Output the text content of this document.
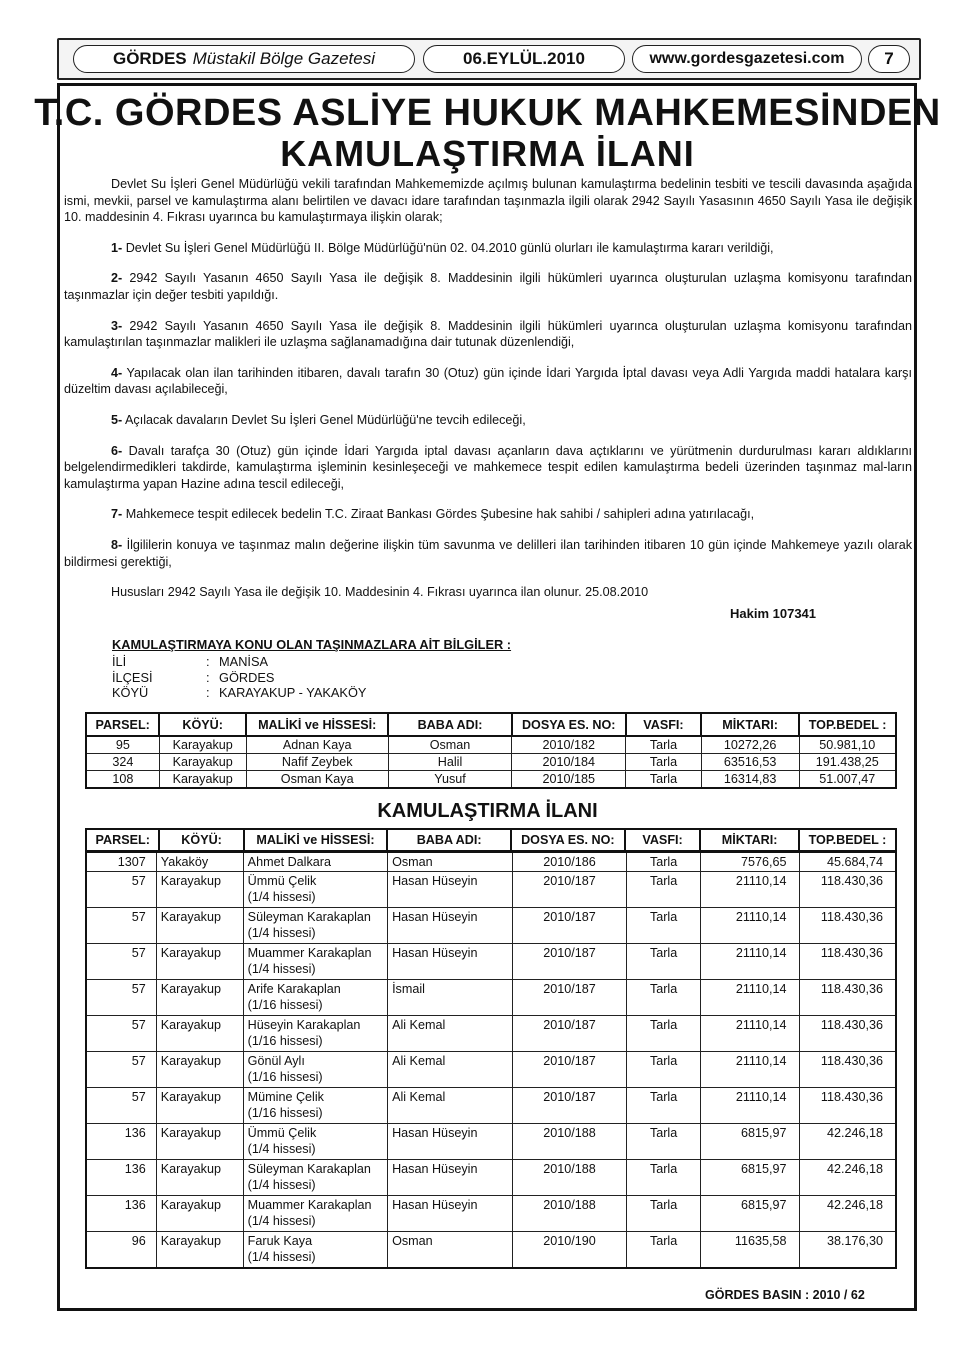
GÖRDES Müstakil Bölge Gazetesi	06.EYLÜL.2010	www.gordesgazetesi.com 7
T.C. GÖRDES ASLİYE HUKUK MAHKEMESİNDEN
KAMULAŞTIRMA İLANI

Devlet Su İşleri Genel Müdürlüğü vekili tarafından Mahkememizde açılmış bulunan kamulaştırma bedelinin tesbiti ve tescili davasında aşağıda ismi, mevkii, parsel ve kamulaştırma alanı belirtilen ve davacı idare tarafından taşınmazla ilgili olarak 2942 Sayılı Yasasının 4650 Sayılı Yasa ile değişik 10. maddesinin 4. Fıkrası uyarınca bu kamulaştırmaya ilişkin olarak;

1- Devlet Su İşleri Genel Müdürlüğü II. Bölge Müdürlüğü'nün 02. 04.2010 günlü olurları ile kamulaştırma kararı verildiği,

2- 2942 Sayılı Yasanın 4650 Sayılı Yasa ile değişik 8. Maddesinin ilgili hükümleri uyarınca oluşturulan uzlaşma komisyonu tarafından taşınmazlar için değer tesbiti yapıldığı.

3- 2942 Sayılı Yasanın 4650 Sayılı Yasa ile değişik 8. Maddesinin ilgili hükümleri uyarınca oluşturulan uzlaşma komisyonu tarafından kamulaştırılan taşınmazlar malikleri ile uzlaşma sağlanamadığına dair tutunak düzenlendiği,

4- Yapılacak olan ilan tarihinden itibaren, davalı tarafın 30 (Otuz) gün içinde İdari Yargıda İptal davası veya Adli Yargıda maddi hatalara karşı düzeltim davası açılabileceği,

5- Açılacak davaların Devlet Su İşleri Genel Müdürlüğü'ne tevcih edileceği,

6- Davalı tarafça 30 (Otuz) gün içinde İdari Yargıda iptal davası açanların dava açtıklarını ve yürütmenin durdurulması kararı aldıklarını belgelendirmedikleri takdirde, kamulaştırma işleminin kesinleşeceği ve mahkemece tespit edilen kamulaştırma bedeli üzerinden taşınmaz mal-ların kamulaştırma yapan Hazine adına tescil edileceği,

7- Mahkemece tespit edilecek bedelin T.C. Ziraat Bankası Gördes Şubesine hak sahibi / sahipleri adına yatırılacağı,

8- İlgililerin konuya ve taşınmaz malın değerine ilişkin tüm savunma ve delilleri ilan tarihinden itibaren 10 gün içinde Mahkemeye yazılı olarak bildirmesi gerektiği,

Hususları 2942 Sayılı Yasa ile değişik 10. Maddesinin 4. Fıkrası uyarınca ilan olunur. 25.08.2010

Hakim 107341
KAMULAŞTIRMAYA KONU OLAN TAŞINMAZLARA AİT BİLGİLER :
İLİ	: MANİSA
İLÇESİ	: GÖRDES
KÖYÜ	: KARAYAKUP - YAKAKÖY
PARSEL:	KÖYÜ:	MALİKİ ve HİSSESİ:	BABA ADI:	DOSYA ES. NO:	VASFI:	MİKTARI:	TOP.BEDEL :
95	Karayakup	Adnan Kaya	Osman	2010/182	Tarla	10272,26	50.981,10
324	Karayakup	Nafif Zeybek	Halil	2010/184	Tarla	63516,53	191.438,25
108	Karayakup	Osman Kaya	Yusuf	2010/185	Tarla	16314,83	51.007,47
KAMULAŞTIRMA İLANI
PARSEL:	KÖYÜ:	MALİKİ ve HİSSESİ:	BABA ADI:	DOSYA ES. NO:	VASFI:	MİKTARI:	TOP.BEDEL :
1307	Yakaköy	Ahmet Dalkara	Osman	2010/186	Tarla	7576,65	45.684,74

57	Karayakup	Ümmü Çelik
(1/4 hissesi)	Hasan Hüseyin	2010/187	Tarla	21110,14	118.430,36

57	Karayakup	Süleyman Karakaplan
(1/4 hissesi)	Hasan Hüseyin	2010/187	Tarla	21110,14	118.430,36

57	Karayakup	Muammer Karakaplan
(1/4 hissesi)	Hasan Hüseyin	2010/187	Tarla	21110,14	118.430,36

57	Karayakup	Arife Karakaplan
(1/16 hissesi)	İsmail	2010/187	Tarla	21110,14	118.430,36

57	Karayakup	Hüseyin Karakaplan
(1/16 hissesi)	Ali Kemal	2010/187	Tarla	21110,14	118.430,36

57	Karayakup	Gönül Aylı
(1/16 hissesi)	Ali Kemal	2010/187	Tarla	21110,14	118.430,36

57	Karayakup	Mümine Çelik
(1/16 hissesi)	Ali Kemal	2010/187	Tarla	21110,14	118.430,36

136	Karayakup	Ümmü Çelik
(1/4 hissesi)	Hasan Hüseyin	2010/188	Tarla	6815,97	42.246,18

136	Karayakup	Süleyman Karakaplan
(1/4 hissesi)	Hasan Hüseyin	2010/188	Tarla	6815,97	42.246,18

136	Karayakup	Muammer Karakaplan
(1/4 hissesi)	Hasan Hüseyin	2010/188	Tarla	6815,97	42.246,18

96	Karayakup	Faruk Kaya
(1/4 hissesi)	Osman	2010/190	Tarla	11635,58	38.176,30
GÖRDES BASIN : 2010 / 62
